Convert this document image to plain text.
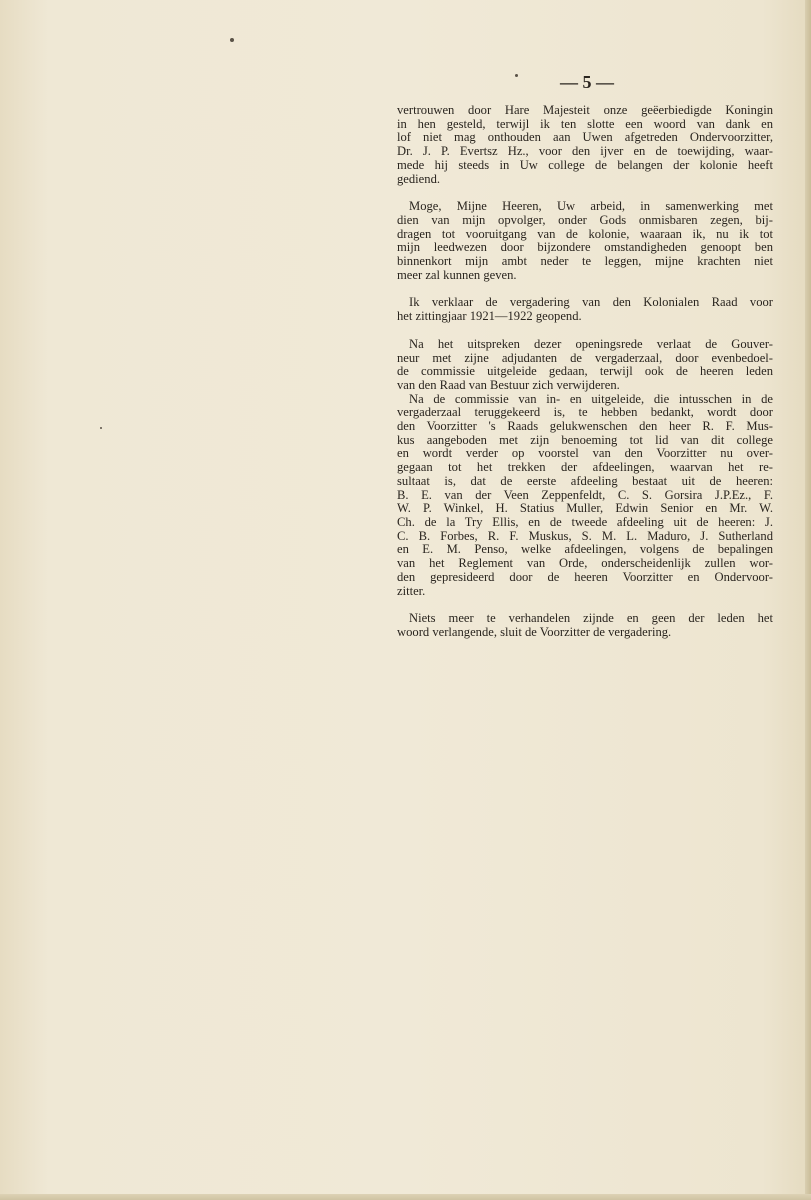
— 5 —
vertrouwen door Hare Majesteit onze geëerbiedigde Koningin
in hen gesteld, terwijl ik ten slotte een woord van dank en
lof niet mag onthouden aan Uwen afgetreden Ondervoorzitter,
Dr. J. P. Evertsz Hz., voor den ijver en de toewijding, waar-
mede hij steeds in Uw college de belangen der kolonie heeft
gediend.
Moge, Mijne Heeren, Uw arbeid, in samenwerking met
dien van mijn opvolger, onder Gods onmisbaren zegen, bij-
dragen tot vooruitgang van de kolonie, waaraan ik, nu ik tot
mijn leedwezen door bijzondere omstandigheden genoopt ben
binnenkort mijn ambt neder te leggen, mijne krachten niet
meer zal kunnen geven.
Ik verklaar de vergadering van den Kolonialen Raad voor
het zittingjaar 1921—1922 geopend.
Na het uitspreken dezer openingsrede verlaat de Gouver-
neur met zijne adjudanten de vergaderzaal, door evenbedoel-
de commissie uitgeleide gedaan, terwijl ook de heeren leden
van den Raad van Bestuur zich verwijderen.
Na de commissie van in- en uitgeleide, die intusschen in de
vergaderzaal teruggekeerd is, te hebben bedankt, wordt door
den Voorzitter 's Raads gelukwenschen den heer R. F. Mus-
kus aangeboden met zijn benoeming tot lid van dit college
en wordt verder op voorstel van den Voorzitter nu over-
gegaan tot het trekken der afdeelingen, waarvan het re-
sultaat is, dat de eerste afdeeling bestaat uit de heeren:
B. E. van der Veen Zeppenfeldt, C. S. Gorsira J.P.Ez., F.
W. P. Winkel, H. Statius Muller, Edwin Senior en Mr. W.
Ch. de la Try Ellis, en de tweede afdeeling uit de heeren: J.
C. B. Forbes, R. F. Muskus, S. M. L. Maduro, J. Sutherland
en E. M. Penso, welke afdeelingen, volgens de bepalingen
van het Reglement van Orde, onderscheidenlijk zullen wor-
den gepresideerd door de heeren Voorzitter en Ondervoor-
zitter.
Niets meer te verhandelen zijnde en geen der leden het
woord verlangende, sluit de Voorzitter de vergadering.
